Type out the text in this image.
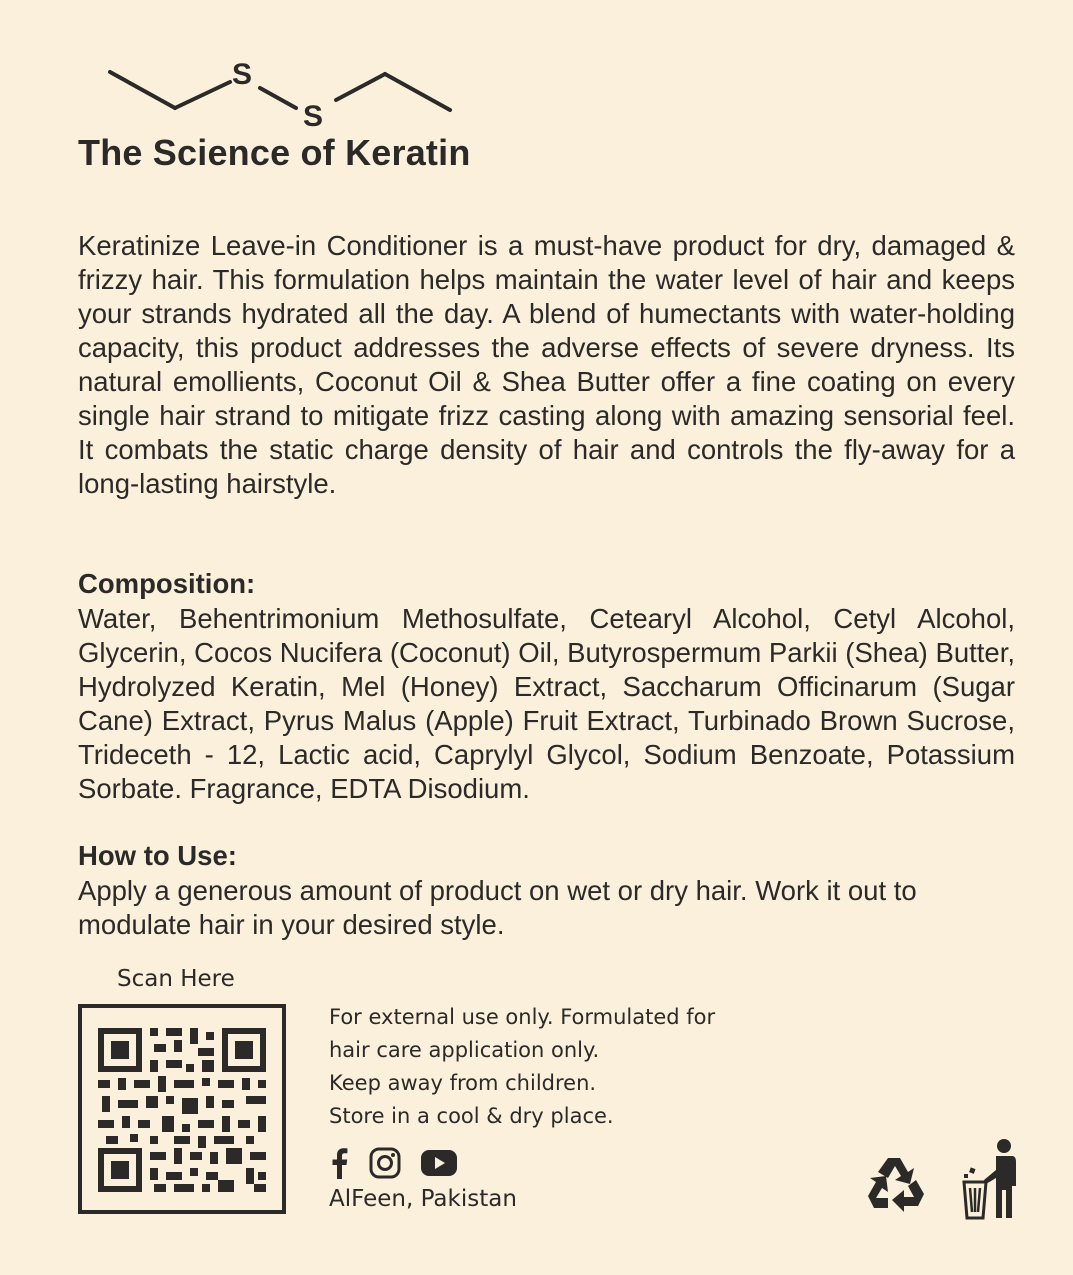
S
S
The Science of Keratin

Keratinize Leave-in Conditioner is a must-have product for dry, damaged & frizzy hair. This formulation helps maintain the water level of hair and keeps your strands hydrated all the day. A blend of humectants with water-holding capacity, this product addresses the adverse effects of severe dryness. Its natural emollients, Coconut Oil & Shea Butter offer a fine coating on every single hair strand to mitigate frizz casting along with amazing sensorial feel. It combats the static charge density of hair and controls the fly-away for a long-lasting hairstyle.

Composition:

Water, Behentrimonium Methosulfate, Cetearyl Alcohol, Cetyl Alcohol, Glycerin, Cocos Nucifera (Coconut) Oil, Butyrospermum Parkii (Shea) Butter, Hydrolyzed Keratin, Mel (Honey) Extract, Saccharum Officinarum (Sugar Cane) Extract, Pyrus Malus (Apple) Fruit Extract, Turbinado Brown Sucrose, Trideceth - 12, Lactic acid, Caprylyl Glycol, Sodium Benzoate, Potassium Sorbate. Fragrance, EDTA Disodium.

How to Use:

Apply a generous amount of product on wet or dry hair. Work it out to modulate hair in your desired style.

Scan Here

For external use only. Formulated for
hair care application only.
Keep away from children.
Store in a cool & dry place.

AlFeen, Pakistan
